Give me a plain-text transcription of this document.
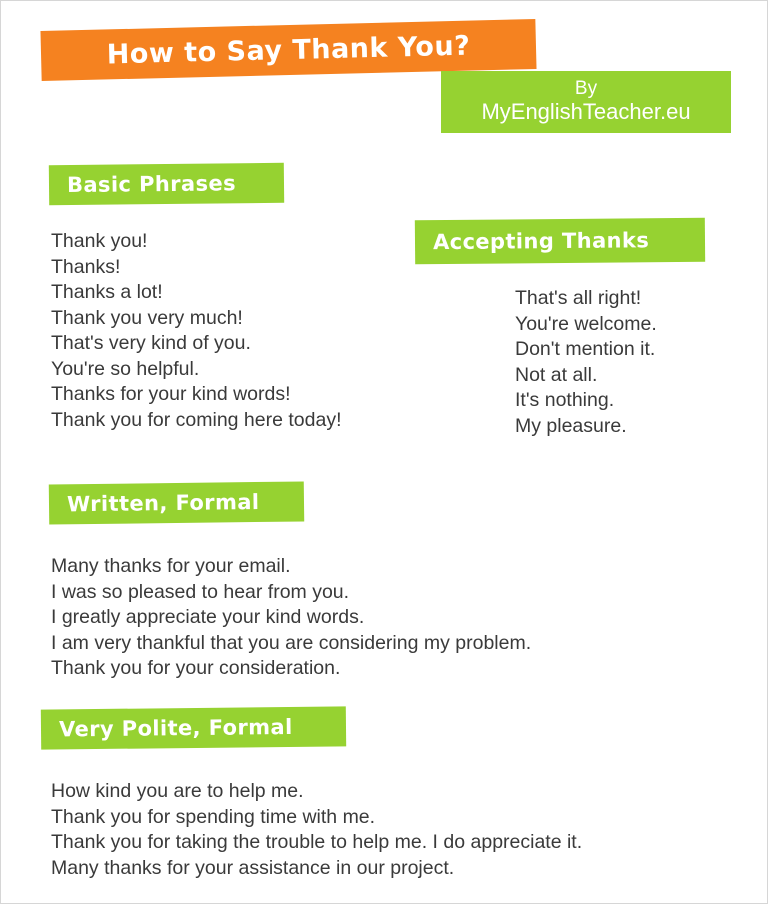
How to Say Thank You?
By
MyEnglishTeacher.eu
Basic Phrases
Thank you!
Thanks!
Thanks a lot!
Thank you very much!
That's very kind of you.
You're so helpful.
Thanks for your kind words!
Thank you for coming here today!
Accepting Thanks
That's all right!
You're welcome.
Don't mention it.
Not at all.
It's nothing.
My pleasure.
Written, Formal
Many thanks for your email.
I was so pleased to hear from you.
I greatly appreciate your kind words.
I am very thankful that you are considering my problem.
Thank you for your consideration.
Very Polite, Formal
How kind you are to help me.
Thank you for spending time with me.
Thank you for taking the trouble to help me. I do appreciate it.
Many thanks for your assistance in our project.
